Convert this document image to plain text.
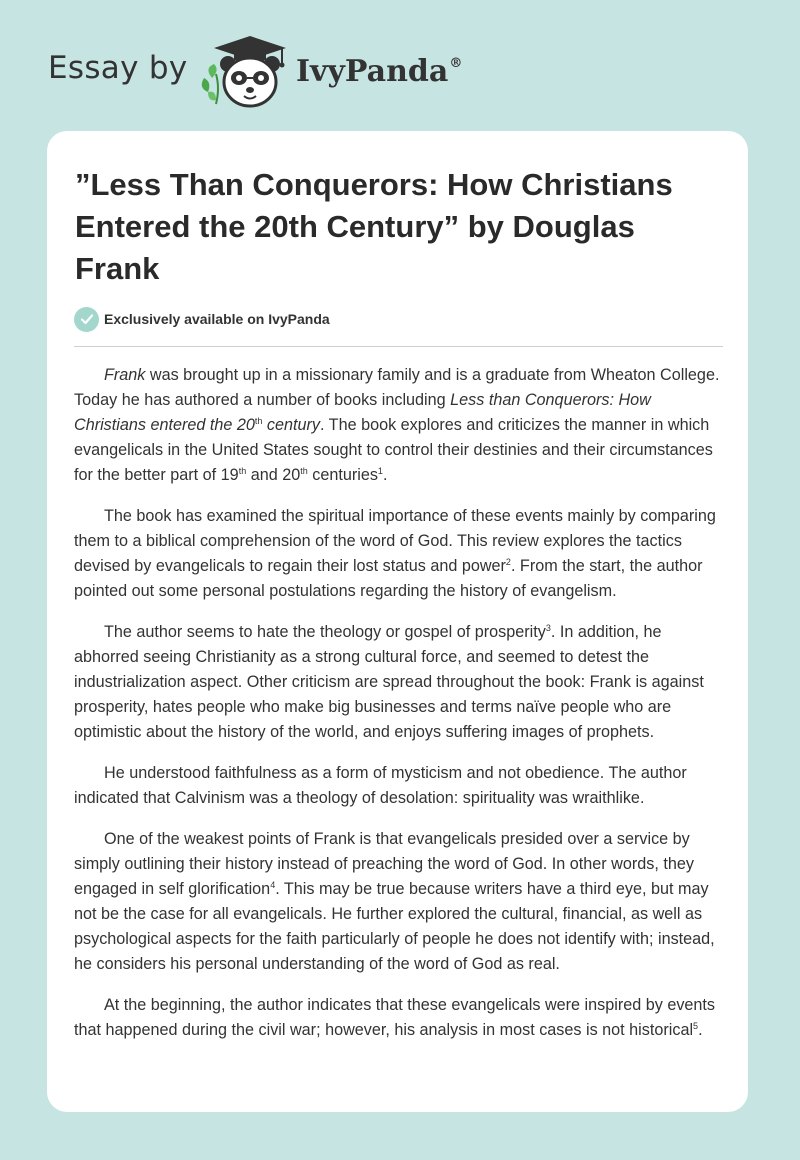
Essay by	IvyPanda®
”Less Than Conquerors: How Christians Entered the 20th Century” by Douglas Frank
Exclusively available on IvyPanda

Frank was brought up in a missionary family and is a graduate from Wheaton College. Today he has authored a number of books including Less than Conquerors: How Christians entered the 20th century. The book explores and criticizes the manner in which evangelicals in the United States sought to control their destinies and their circumstances for the better part of 19th and 20th centuries$^1$.

The book has examined the spiritual importance of these events mainly by comparing them to a biblical comprehension of the word of God. This review explores the tactics devised by evangelicals to regain their lost status and power$^2$. From the start, the author pointed out some personal postulations regarding the history of evangelism.

The author seems to hate the theology or gospel of prosperity$^3$. In addition, he abhorred seeing Christianity as a strong cultural force, and seemed to detest the industrialization aspect. Other criticism are spread throughout the book: Frank is against prosperity, hates people who make big businesses and terms naïve people who are optimistic about the history of the world, and enjoys suffering images of prophets.

He understood faithfulness as a form of mysticism and not obedience. The author indicated that Calvinism was a theology of desolation: spirituality was wraithlike.

One of the weakest points of Frank is that evangelicals presided over a service by simply outlining their history instead of preaching the word of God. In other words, they engaged in self glorification$^4$. This may be true because writers have a third eye, but may not be the case for all evangelicals. He further explored the cultural, financial, as well as psychological aspects for the faith particularly of people he does not identify with; instead, he considers his personal understanding of the word of God as real.

At the beginning, the author indicates that these evangelicals were inspired by events that happened during the civil war; however, his analysis in most cases is not historical$^5$.
